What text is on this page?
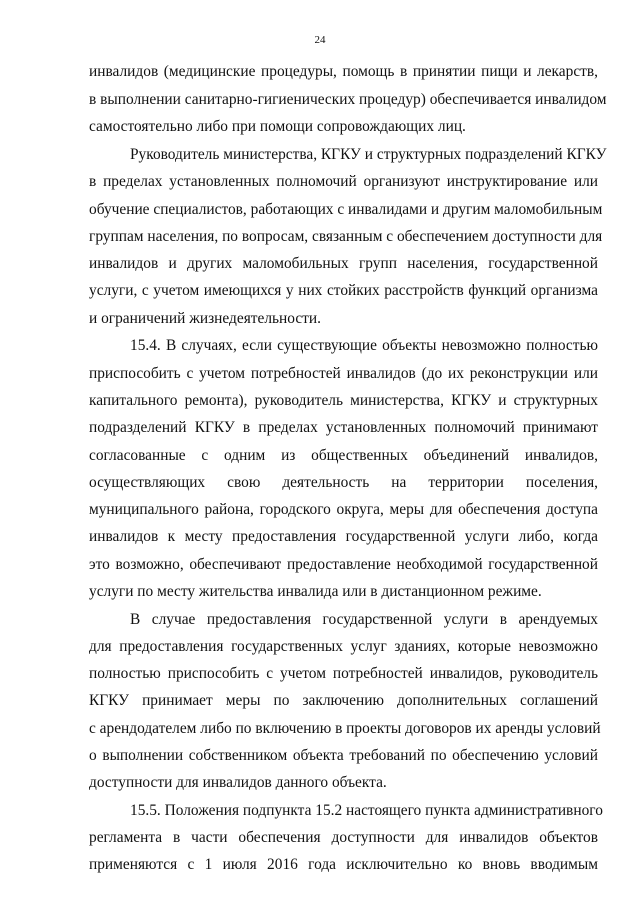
24
инвалидов (медицинские процедуры, помощь в принятии пищи и лекарств,
в выполнении санитарно-гигиенических процедур) обеспечивается инвалидом
самостоятельно либо при помощи сопровождающих лиц.
Руководитель министерства, КГКУ и структурных подразделений КГКУ
в пределах установленных полномочий организуют инструктирование или
обучение специалистов, работающих с инвалидами и другим маломобильным
группам населения, по вопросам, связанным с обеспечением доступности для
инвалидов и других маломобильных групп населения, государственной
услуги, с учетом имеющихся у них стойких расстройств функций организма
и ограничений жизнедеятельности.
15.4. В случаях, если существующие объекты невозможно полностью
приспособить с учетом потребностей инвалидов (до их реконструкции или
капитального ремонта), руководитель министерства, КГКУ и структурных
подразделений КГКУ в пределах установленных полномочий принимают
согласованные с одним из общественных объединений инвалидов,
осуществляющих свою деятельность на территории поселения,
муниципального района, городского округа, меры для обеспечения доступа
инвалидов к месту предоставления государственной услуги либо, когда
это возможно, обеспечивают предоставление необходимой государственной
услуги по месту жительства инвалида или в дистанционном режиме.
В случае предоставления государственной услуги в арендуемых
для предоставления государственных услуг зданиях, которые невозможно
полностью приспособить с учетом потребностей инвалидов, руководитель
КГКУ принимает меры по заключению дополнительных соглашений
с арендодателем либо по включению в проекты договоров их аренды условий
о выполнении собственником объекта требований по обеспечению условий
доступности для инвалидов данного объекта.
15.5. Положения подпункта 15.2 настоящего пункта административного
регламента в части обеспечения доступности для инвалидов объектов
применяются с 1 июля 2016 года исключительно ко вновь вводимым
